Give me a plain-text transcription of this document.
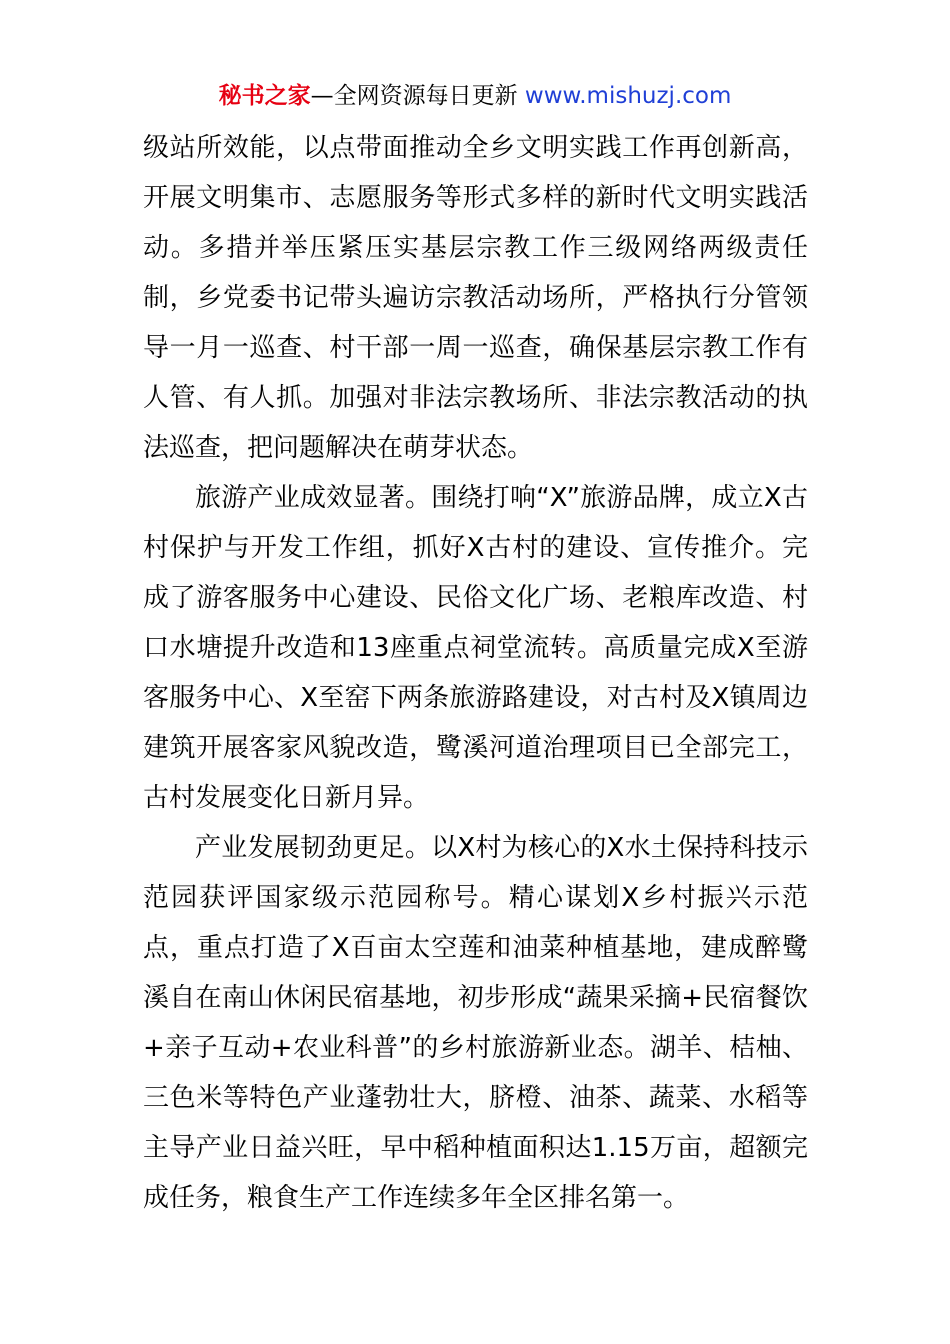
秘书之家—全网资源每日更新 www.mishuzj.com

级站所效能，以点带面推动全乡文明实践工作再创新高，开展文明集市、志愿服务等形式多样的新时代文明实践活动。多措并举压紧压实基层宗教工作三级网络两级责任制，乡党委书记带头遍访宗教活动场所，严格执行分管领导一月一巡查、村干部一周一巡查，确保基层宗教工作有人管、有人抓。加强对非法宗教场所、非法宗教活动的执法巡查，把问题解决在萌芽状态。

旅游产业成效显著。围绕打响“X”旅游品牌，成立X古村保护与开发工作组，抓好X古村的建设、宣传推介。完成了游客服务中心建设、民俗文化广场、老粮库改造、村口水塘提升改造和13座重点祠堂流转。高质量完成X至游客服务中心、X至窑下两条旅游路建设，对古村及X镇周边建筑开展客家风貌改造，鹭溪河道治理项目已全部完工，古村发展变化日新月异。

产业发展韧劲更足。以X村为核心的X水土保持科技示范园获评国家级示范园称号。精心谋划X乡村振兴示范点，重点打造了X百亩太空莲和油菜种植基地，建成醉鹭溪自在南山休闲民宿基地，初步形成“蔬果采摘+民宿餐饮+亲子互动+农业科普”的乡村旅游新业态。湖羊、桔柚、三色米等特色产业蓬勃壮大，脐橙、油茶、蔬菜、水稻等主导产业日益兴旺，早中稻种植面积达1.15万亩，超额完成任务，粮食生产工作连续多年全区排名第一。
